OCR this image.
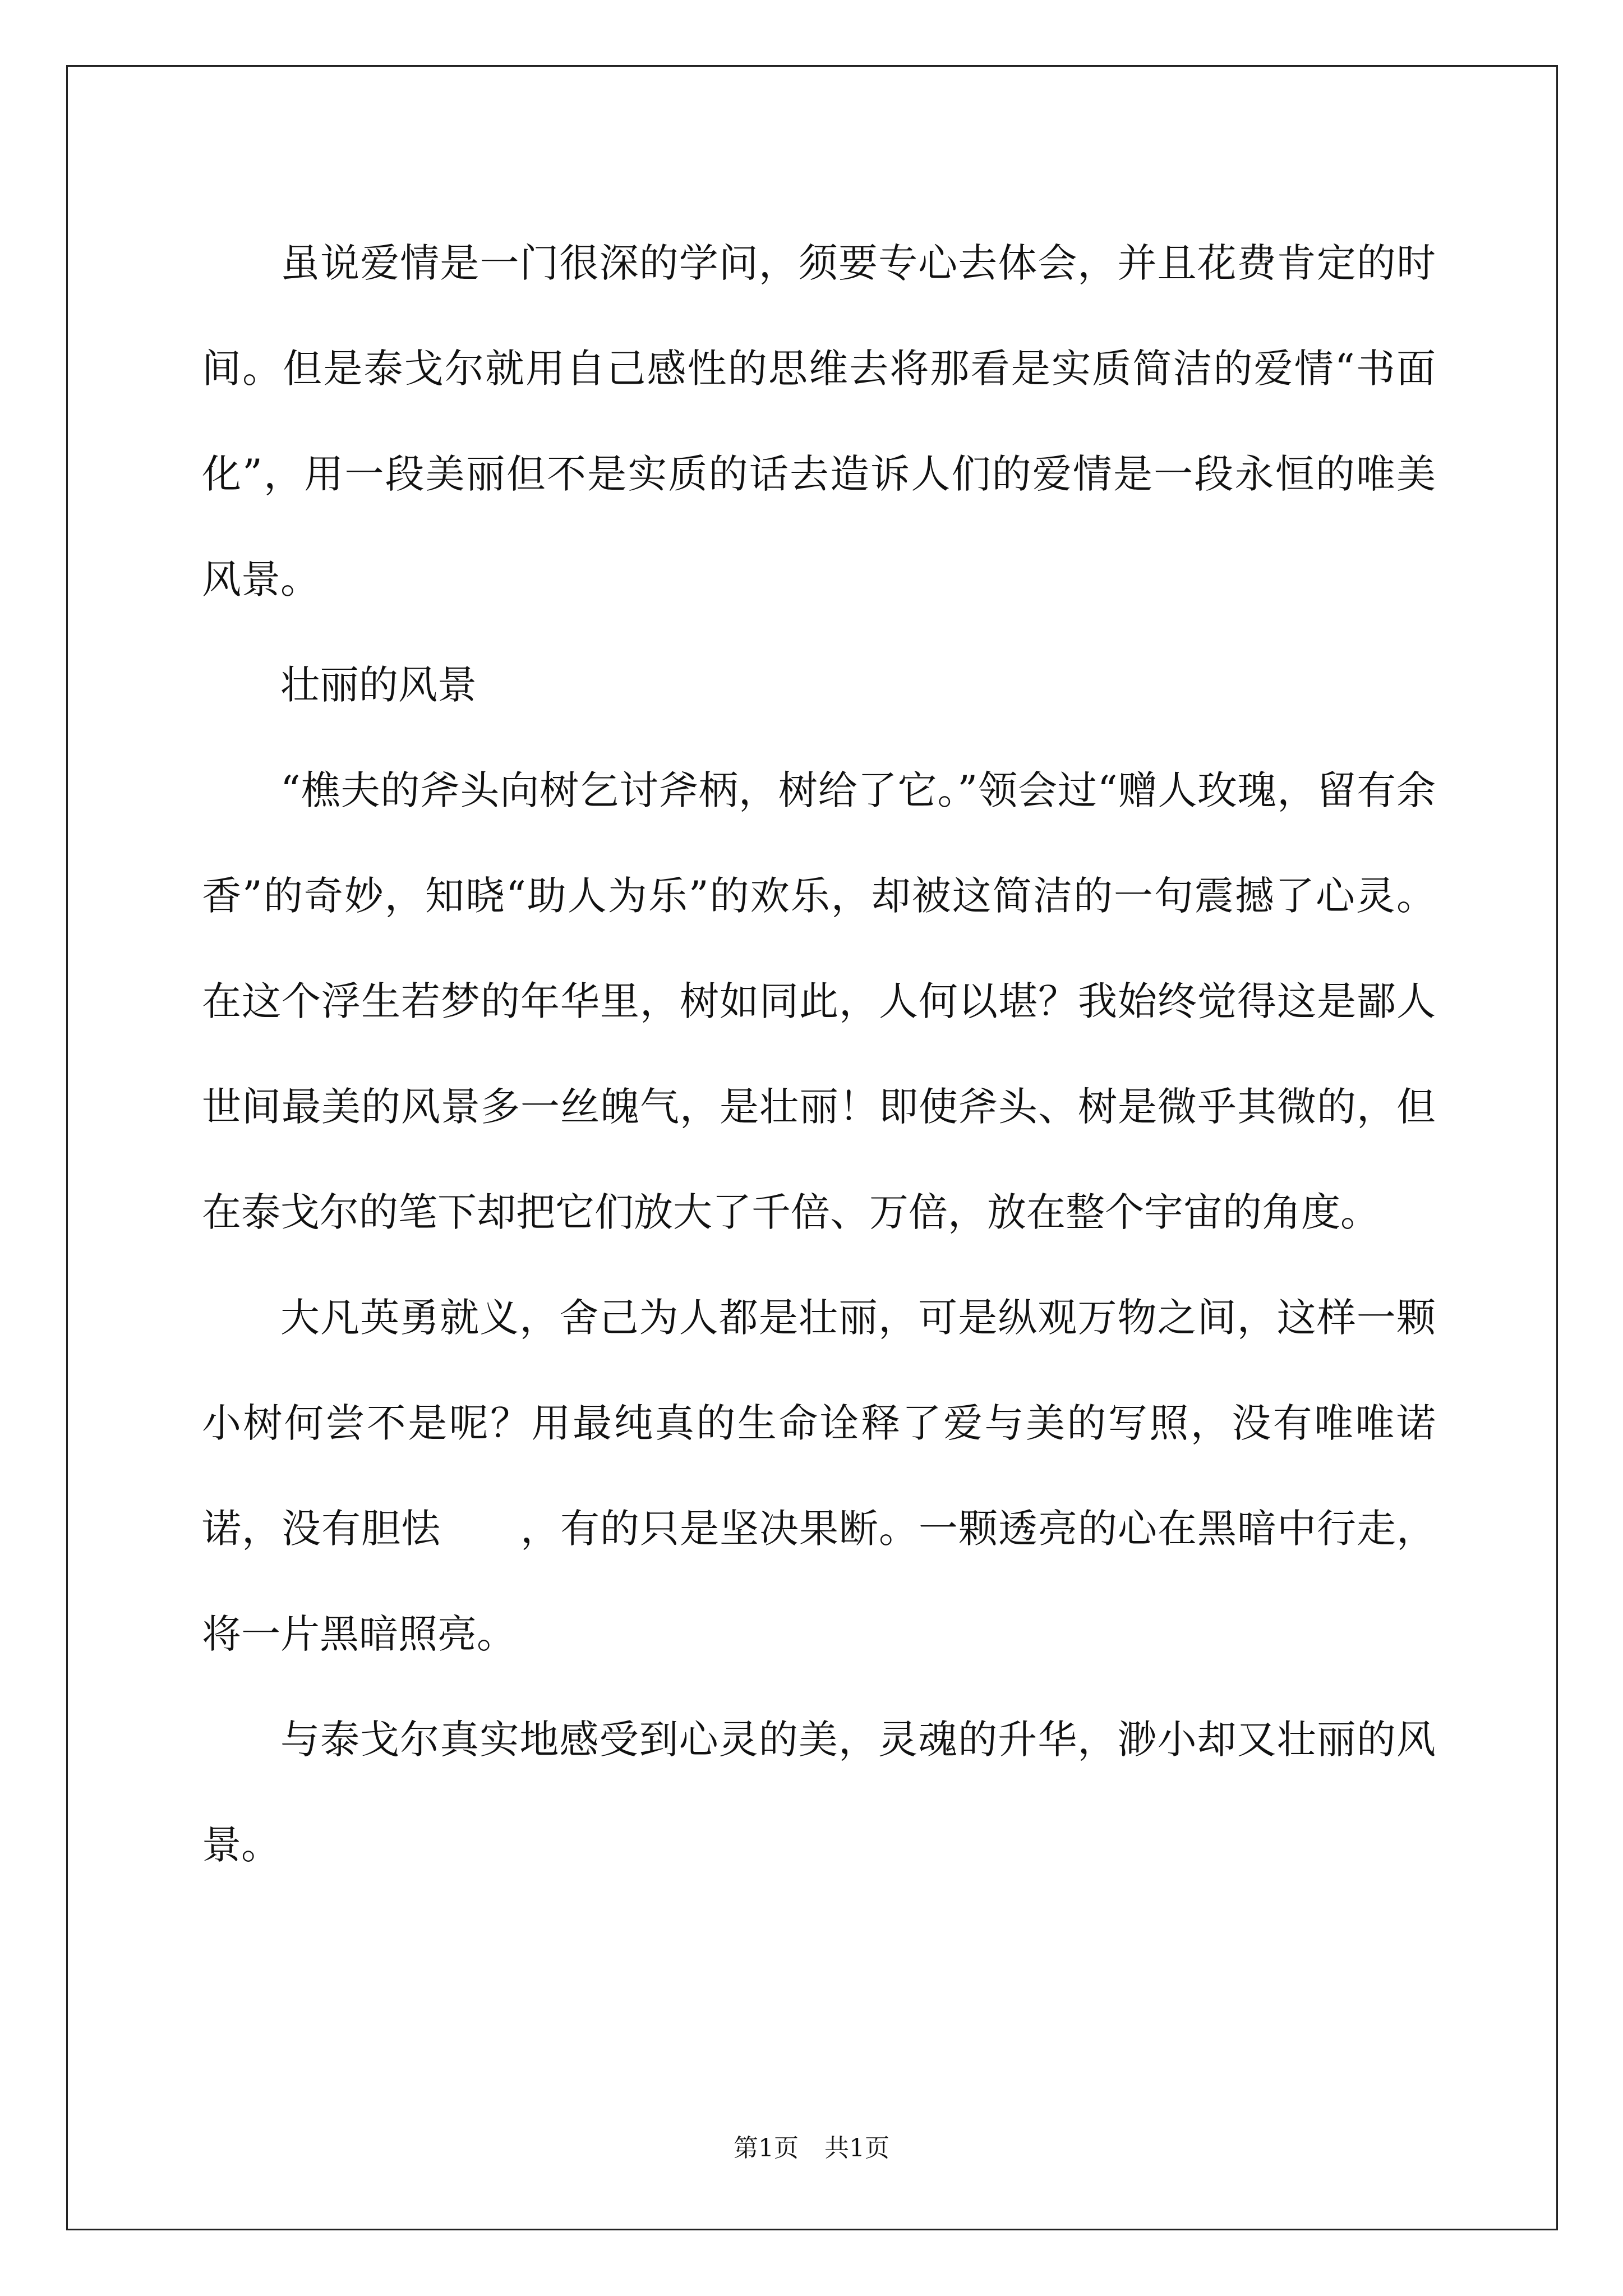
虽说爱情是一门很深的学问，须要专心去体会，并且花费肯定的时间。但是泰戈尔就用自己感性的思维去将那看是实质简洁的爱情“书面化”，用一段美丽但不是实质的话去造诉人们的爱情是一段永恒的唯美风景。

壮丽的风景

“樵夫的斧头向树乞讨斧柄，树给了它。”领会过“赠人玫瑰，留有余香”的奇妙，知晓“助人为乐”的欢乐，却被这简洁的一句震撼了心灵。在这个浮生若梦的年华里，树如同此，人何以堪？我始终觉得这是鄙人世间最美的风景多一丝魄气，是壮丽！即使斧头、树是微乎其微的，但在泰戈尔的笔下却把它们放大了千倍、万倍，放在整个宇宙的角度。

大凡英勇就义，舍己为人都是壮丽，可是纵观万物之间，这样一颗小树何尝不是呢？用最纯真的生命诠释了爱与美的写照，没有唯唯诺诺，没有胆怯　　，有的只是坚决果断。一颗透亮的心在黑暗中行走，将一片黑暗照亮。

与泰戈尔真实地感受到心灵的美，灵魂的升华，渺小却又壮丽的风景。

第1页 共1页
